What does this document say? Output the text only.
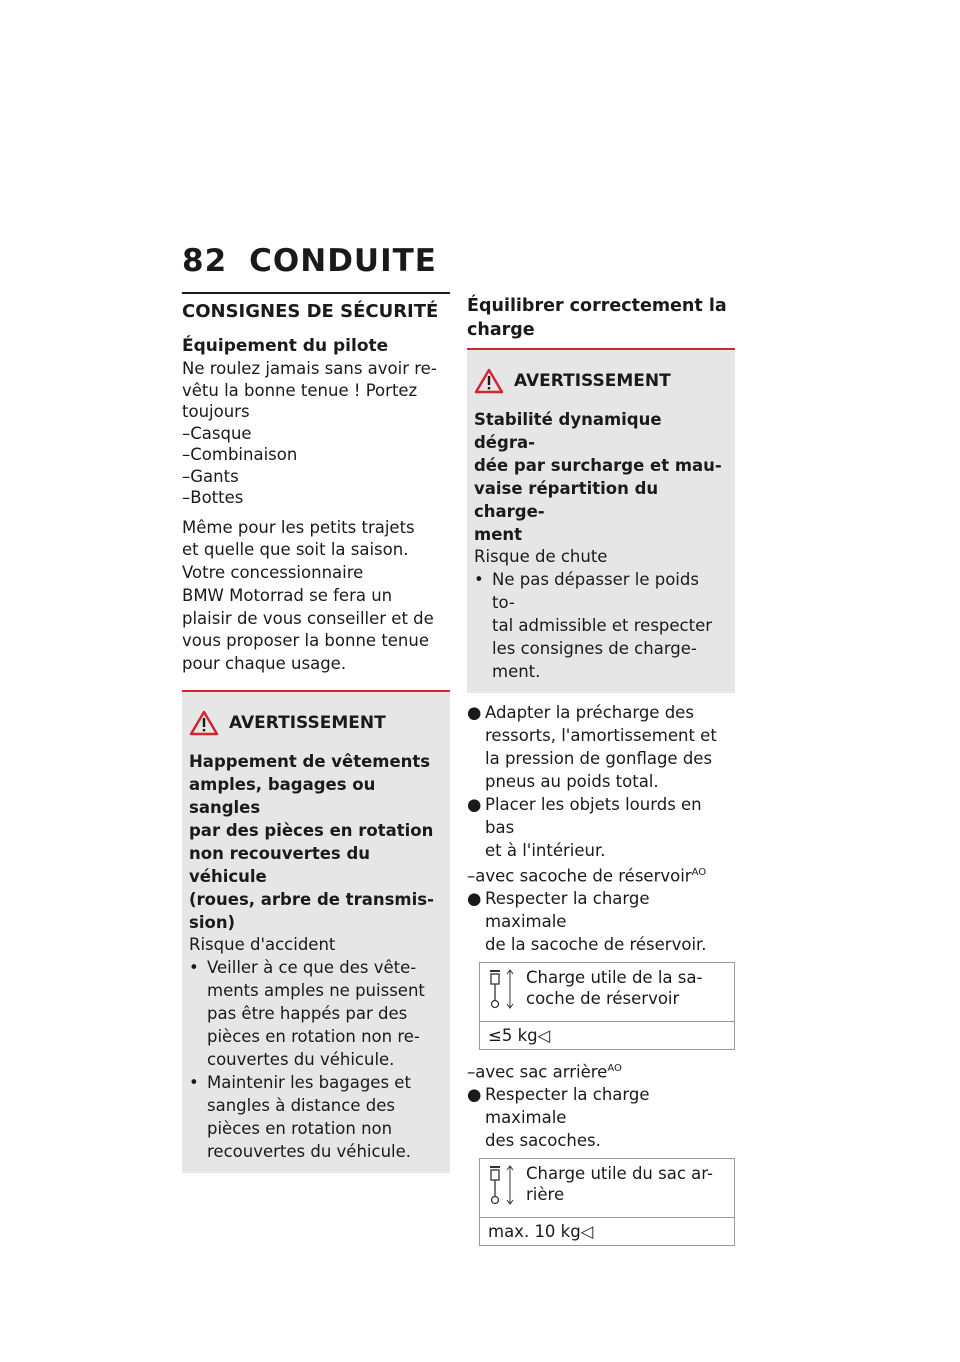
82 CONDUITE
CONSIGNES DE SÉCURITÉ
Équipement du pilote
Ne roulez jamais sans avoir re-
vêtu la bonne tenue ! Portez
toujours
–Casque
–Combinaison
–Gants
–Bottes
Même pour les petits trajets
et quelle que soit la saison.
Votre concessionnaire
BMW Motorrad se fera un
plaisir de vous conseiller et de
vous proposer la bonne tenue
pour chaque usage.
AVERTISSEMENT
Happement de vêtements
amples, bagages ou sangles
par des pièces en rotation
non recouvertes du véhicule
(roues, arbre de transmis-
sion)
Risque d'accident
• Veiller à ce que des vête-
ments amples ne puissent
pas être happés par des
pièces en rotation non re-
couvertes du véhicule.
• Maintenir les bagages et
sangles à distance des
pièces en rotation non
recouvertes du véhicule.
Équilibrer correctement la
charge
AVERTISSEMENT
Stabilité dynamique dégra-
dée par surcharge et mau-
vaise répartition du charge-
ment
Risque de chute
• Ne pas dépasser le poids to-
tal admissible et respecter
les consignes de charge-
ment.
● Adapter la précharge des
ressorts, l'amortissement et
la pression de gonflage des
pneus au poids total.
● Placer les objets lourds en bas
et à l'intérieur.
–avec sacoche de réservoir$^{AO}$
● Respecter la charge maximale
de la sacoche de réservoir.
Charge utile de la sa-
coche de réservoir
≤5 kg◁
–avec sac arrière$^{AO}$
● Respecter la charge maximale
des sacoches.
Charge utile du sac ar-
rière
max. 10 kg◁
